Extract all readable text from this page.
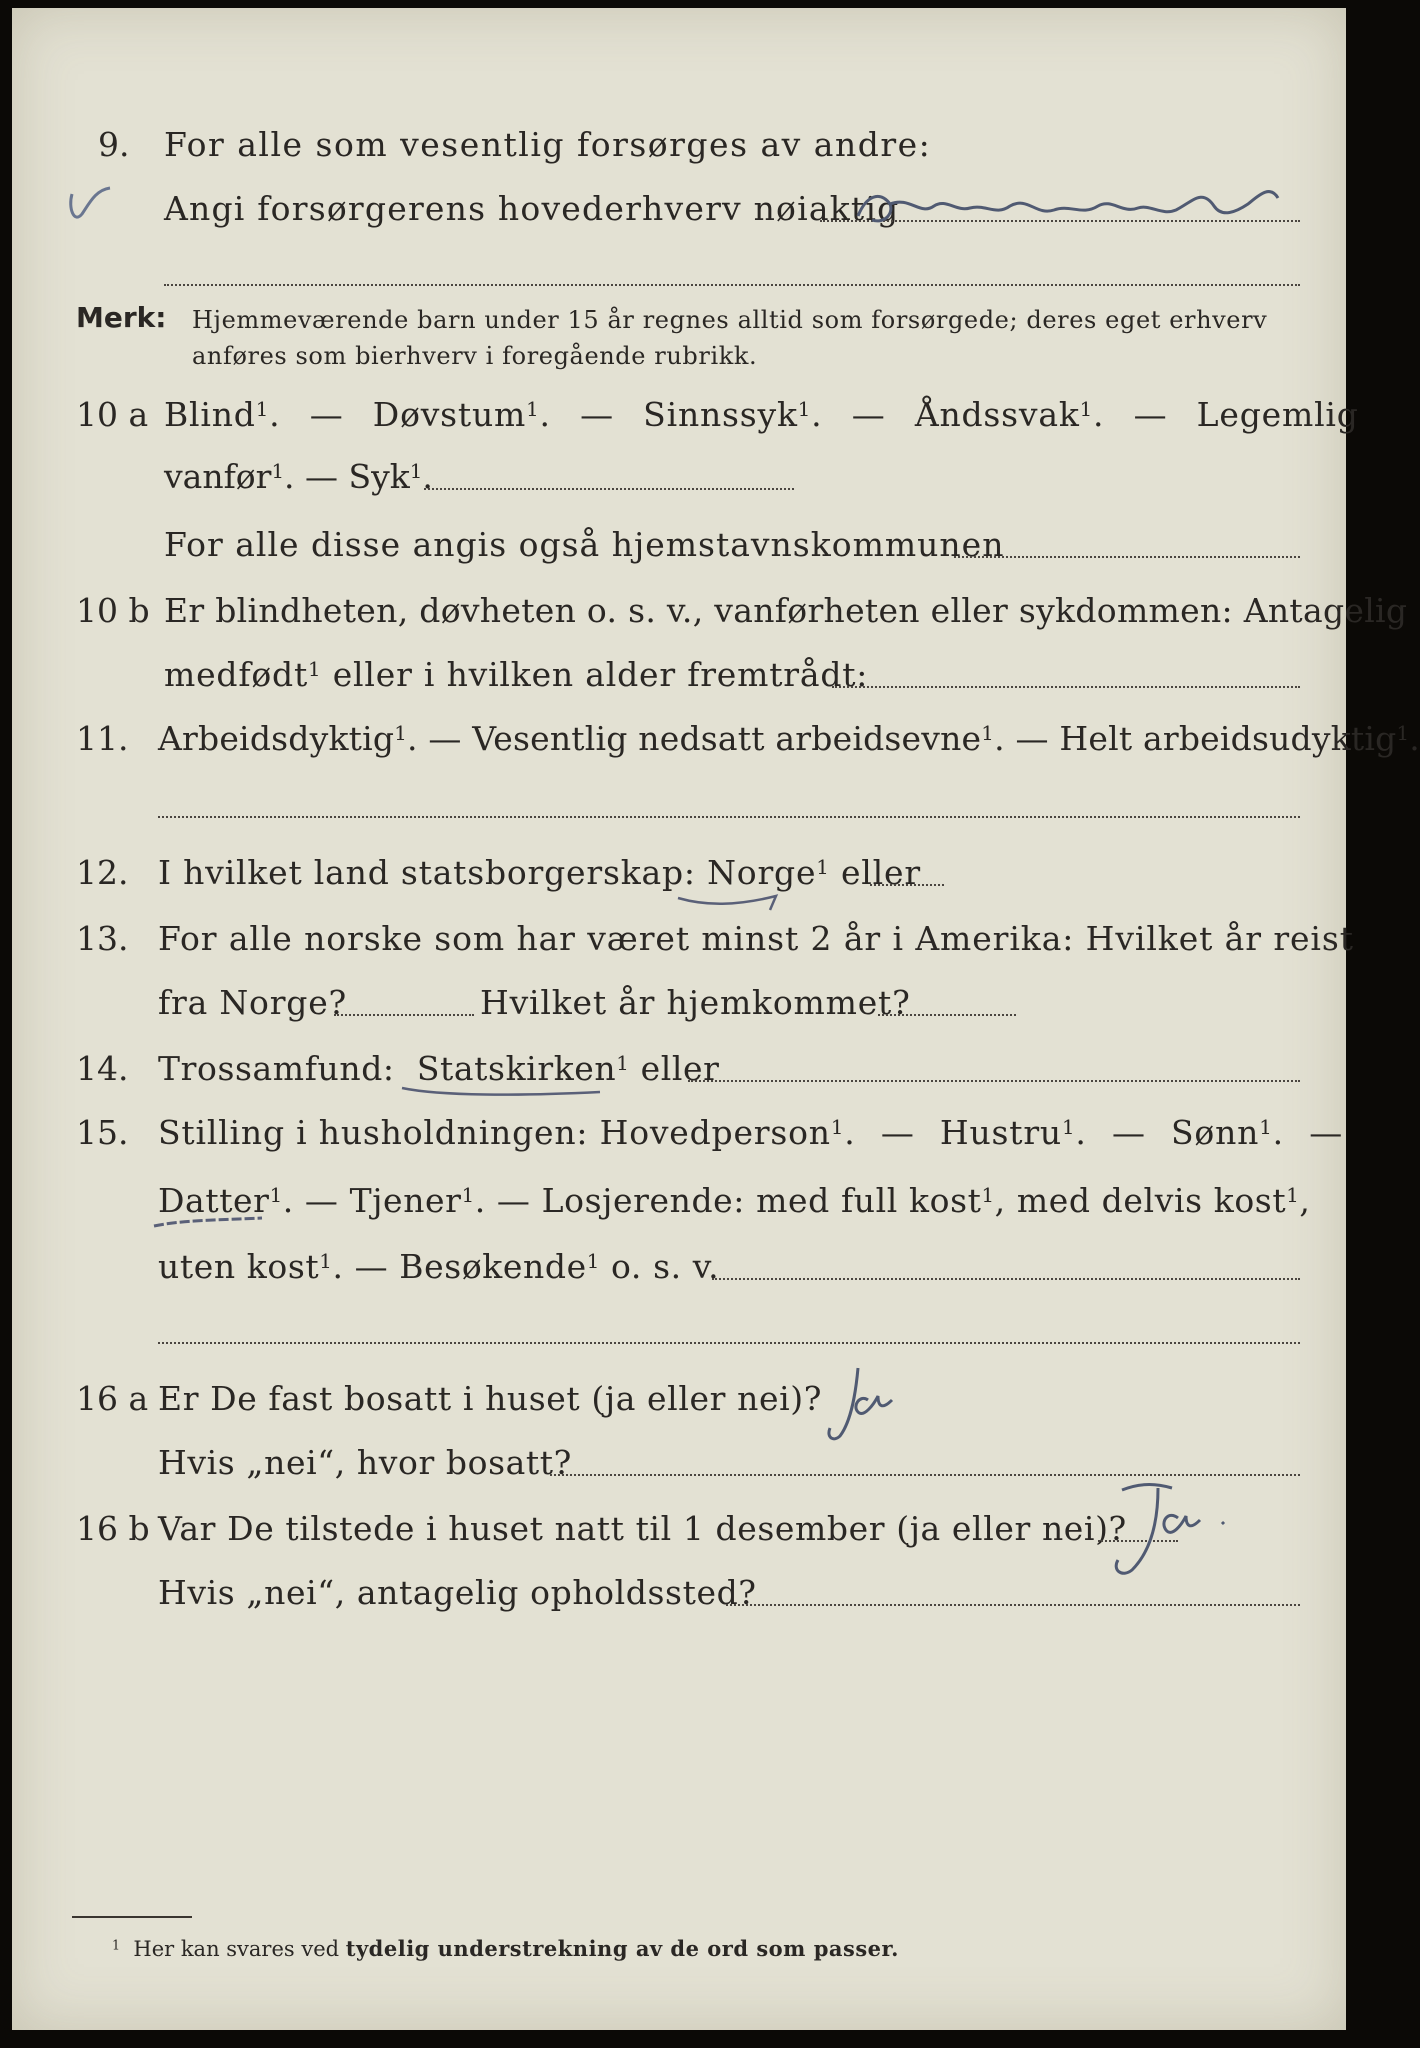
9. For alle som vesentlig forsørges av andre:
Angi forsørgerens hovederhverv nøiaktig
Merk: Hjemmeværende barn under 15 år regnes alltid som forsørgede; deres eget erhverv
anføres som bierhverv i foregående rubrikk.
10 a Blind$^1$. — Døvstum$^1$. — Sinnssyk$^1$. — Åndssvak$^1$. — Legemlig
vanfør$^1$. — Syk$^1$.
For alle disse angis også hjemstavnskommunen
10 b Er blindheten, døvheten o. s. v., vanførheten eller sykdommen: Antagelig
medfødt$^1$ eller i hvilken alder fremtrådt:
11. Arbeidsdyktig$^1$. — Vesentlig nedsatt arbeidsevne$^1$. — Helt arbeidsudyktig$^1$.
12. I hvilket land statsborgerskap: Norge$^1$ eller
13. For alle norske som har været minst 2 år i Amerika: Hvilket år reist
fra Norge?	Hvilket år hjemkommet?
14. Trossamfund: Statskirken$^1$ eller
15. Stilling i husholdningen: Hovedperson$^1$. — Hustru$^1$. — Sønn$^1$. —
Datter$^1$. — Tjener$^1$. — Losjerende: med full kost$^1$, med delvis kost$^1$,
uten kost$^1$. — Besøkende$^1$ o. s. v.
16 a Er De fast bosatt i huset (ja eller nei)?
Hvis „nei“, hvor bosatt?
16 b Var De tilstede i huset natt til 1 desember (ja eller nei)?
Hvis „nei“, antagelig opholdssted?
$^1$ Her kan svares ved tydelig understrekning av de ord som passer.
